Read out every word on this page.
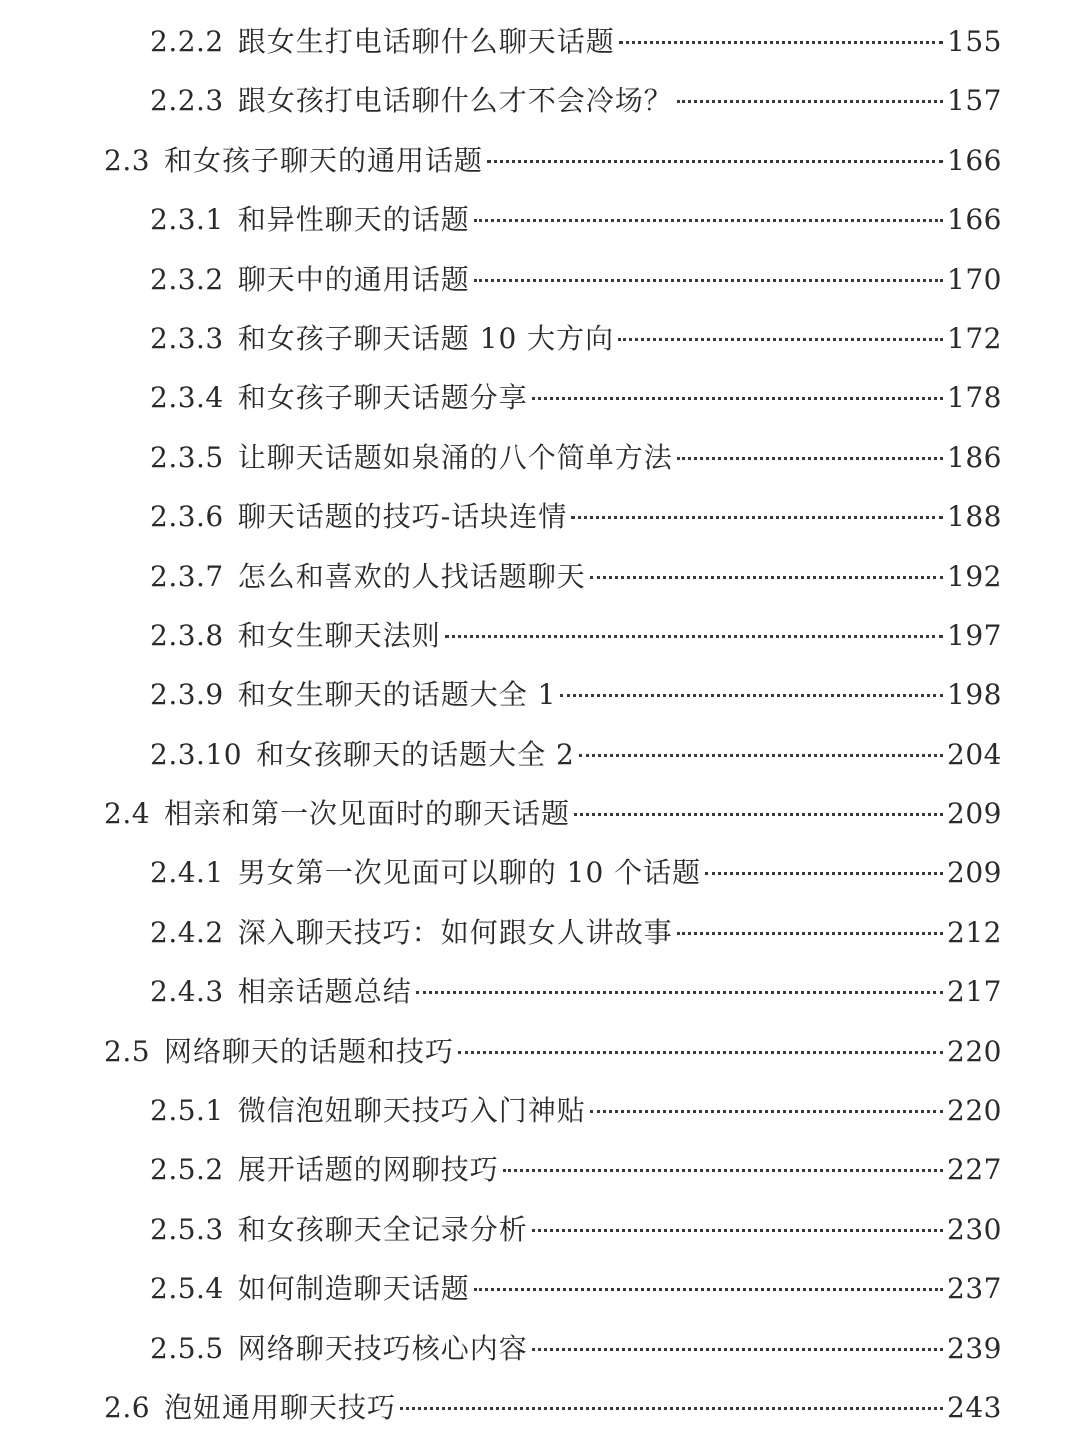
2.2.2 跟女生打电话聊什么聊天话题	155
2.2.3 跟女孩打电话聊什么才不会冷场？	157
2.3 和女孩子聊天的通用话题	166
2.3.1 和异性聊天的话题	166
2.3.2 聊天中的通用话题	170
2.3.3 和女孩子聊天话题 10 大方向	172
2.3.4 和女孩子聊天话题分享	178
2.3.5 让聊天话题如泉涌的八个简单方法	186
2.3.6 聊天话题的技巧-话块连情	188
2.3.7 怎么和喜欢的人找话题聊天	192
2.3.8 和女生聊天法则	197
2.3.9 和女生聊天的话题大全 1	198
2.3.10 和女孩聊天的话题大全 2	204
2.4 相亲和第一次见面时的聊天话题	209
2.4.1 男女第一次见面可以聊的 10 个话题	209
2.4.2 深入聊天技巧：如何跟女人讲故事	212
2.4.3 相亲话题总结	217
2.5 网络聊天的话题和技巧	220
2.5.1 微信泡妞聊天技巧入门神贴	220
2.5.2 展开话题的网聊技巧	227
2.5.3 和女孩聊天全记录分析	230
2.5.4 如何制造聊天话题	237
2.5.5 网络聊天技巧核心内容	239
2.6 泡妞通用聊天技巧	243
